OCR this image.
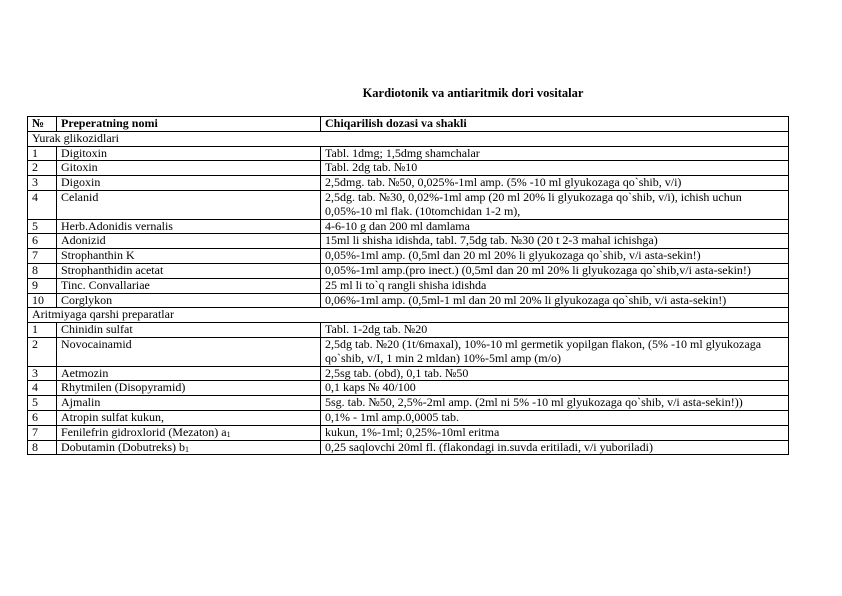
Kardiotonik va antiaritmik dori vositalar
№	Preperatning nomi	Chiqarilish dozasi va shakli
Yurak glikozidlari		
1	Digitoxin	Tabl. 1dmg; 1,5dmg shamchalar
2	Gitoxin	Tabl. 2dg tab. №10
3	Digoxin	2,5dmg. tab. №50, 0,025%-1ml amp. (5% -10 ml glyukozaga qo`shib, v/i)
4	Celanid	2,5dg. tab. №30, 0,02%-1ml amp (20 ml 20% li glyukozaga qo`shib, v/i), ichish uchun 0,05%-10 ml flak. (10tomchidan 1-2 m),
5	Herb.Adonidis vernalis	4-6-10 g dan 200 ml damlama
6	Adonizid	15ml li shisha idishda, tabl. 7,5dg tab. №30 (20 t 2-3 mahal ichishga)
7	Strophanthin K	0,05%-1ml amp. (0,5ml dan 20 ml 20% li glyukozaga qo`shib, v/i asta-sekin!)
8	Strophanthidin acetat	0,05%-1ml amp.(pro inect.) (0,5ml dan 20 ml 20% li glyukozaga qo`shib,v/i asta-sekin!)
9	Tinc. Convallariae	25 ml li to`q rangli shisha idishda
10	Corglykon	0,06%-1ml amp. (0,5ml-1 ml dan 20 ml 20% li glyukozaga qo`shib, v/i asta-sekin!)
Aritmiyaga qarshi preparatlar		
1	Chinidin sulfat	Tabl. 1-2dg tab. №20
2	Novocainamid	2,5dg tab. №20 (1t/6maxal), 10%-10 ml germetik yopilgan flakon, (5% -10 ml glyukozaga qo`shib, v/I, 1 min 2 mldan) 10%-5ml amp (m/o)
3	Aetmozin	2,5sg tab. (obd), 0,1 tab. №50
4	Rhytmilen (Disopyramid)	0,1 kaps № 40/100
5	Ajmalin	5sg. tab. №50, 2,5%-2ml amp. (2ml ni 5% -10 ml glyukozaga qo`shib, v/i asta-sekin!))
6	Atropin sulfat kukun,	0,1% - 1ml amp.0,0005 tab.
7	Fenilefrin gidroxlorid (Mezaton) $a_1$	kukun, 1%-1ml; 0,25%-10ml eritma
8	Dobutamin (Dobutreks) $b_1$	0,25 saqlovchi 20ml fl. (flakondagi in.suvda eritiladi, v/i yuboriladi)
